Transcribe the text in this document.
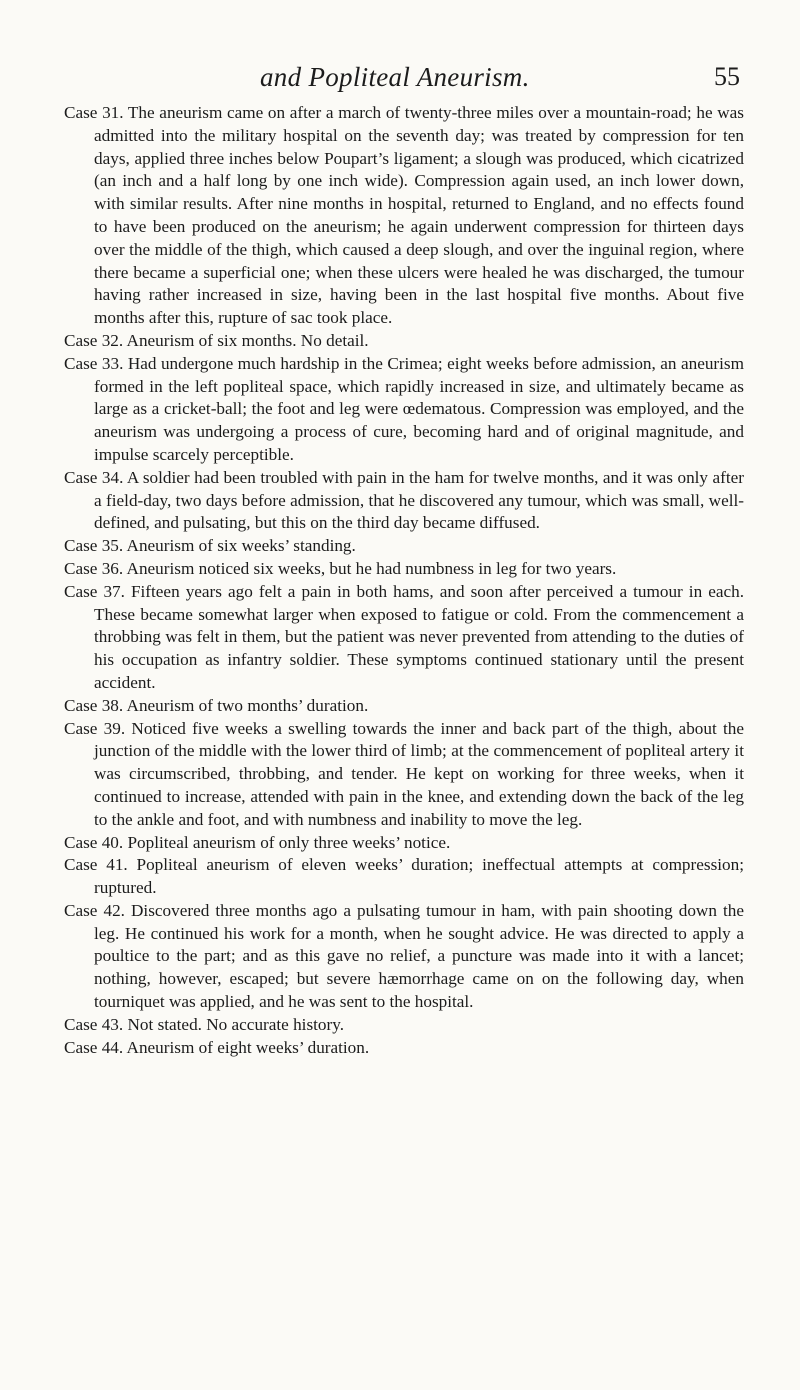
and Popliteal Aneurism.	55

Case 31. The aneurism came on after a march of twenty-three miles over a mountain-road; he was admitted into the military hospital on the seventh day; was treated by compression for ten days, applied three inches below Poupart’s ligament; a slough was produced, which cicatrized (an inch and a half long by one inch wide). Compression again used, an inch lower down, with similar results. After nine months in hospital, returned to England, and no effects found to have been produced on the aneurism; he again underwent compression for thirteen days over the middle of the thigh, which caused a deep slough, and over the inguinal region, where there became a superficial one; when these ulcers were healed he was discharged, the tumour having rather increased in size, having been in the last hospital five months. About five months after this, rupture of sac took place.

Case 32. Aneurism of six months. No detail.

Case 33. Had undergone much hardship in the Crimea; eight weeks before admission, an aneurism formed in the left popliteal space, which rapidly increased in size, and ultimately became as large as a cricket-ball; the foot and leg were œdematous. Compression was employed, and the aneurism was undergoing a process of cure, becoming hard and of original magnitude, and impulse scarcely perceptible.

Case 34. A soldier had been troubled with pain in the ham for twelve months, and it was only after a field-day, two days before admission, that he discovered any tumour, which was small, well-defined, and pulsating, but this on the third day became diffused.

Case 35. Aneurism of six weeks’ standing.

Case 36. Aneurism noticed six weeks, but he had numbness in leg for two years.

Case 37. Fifteen years ago felt a pain in both hams, and soon after perceived a tumour in each. These became somewhat larger when exposed to fatigue or cold. From the commencement a throbbing was felt in them, but the patient was never prevented from attending to the duties of his occupation as infantry soldier. These symptoms continued stationary until the present accident.

Case 38. Aneurism of two months’ duration.

Case 39. Noticed five weeks a swelling towards the inner and back part of the thigh, about the junction of the middle with the lower third of limb; at the commencement of popliteal artery it was circumscribed, throbbing, and tender. He kept on working for three weeks, when it continued to increase, attended with pain in the knee, and extending down the back of the leg to the ankle and foot, and with numbness and inability to move the leg.

Case 40. Popliteal aneurism of only three weeks’ notice.

Case 41. Popliteal aneurism of eleven weeks’ duration; ineffectual attempts at compression; ruptured.

Case 42. Discovered three months ago a pulsating tumour in ham, with pain shooting down the leg. He continued his work for a month, when he sought advice. He was directed to apply a poultice to the part; and as this gave no relief, a puncture was made into it with a lancet; nothing, however, escaped; but severe hæmorrhage came on on the following day, when tourniquet was applied, and he was sent to the hospital.

Case 43. Not stated. No accurate history.

Case 44. Aneurism of eight weeks’ duration.
